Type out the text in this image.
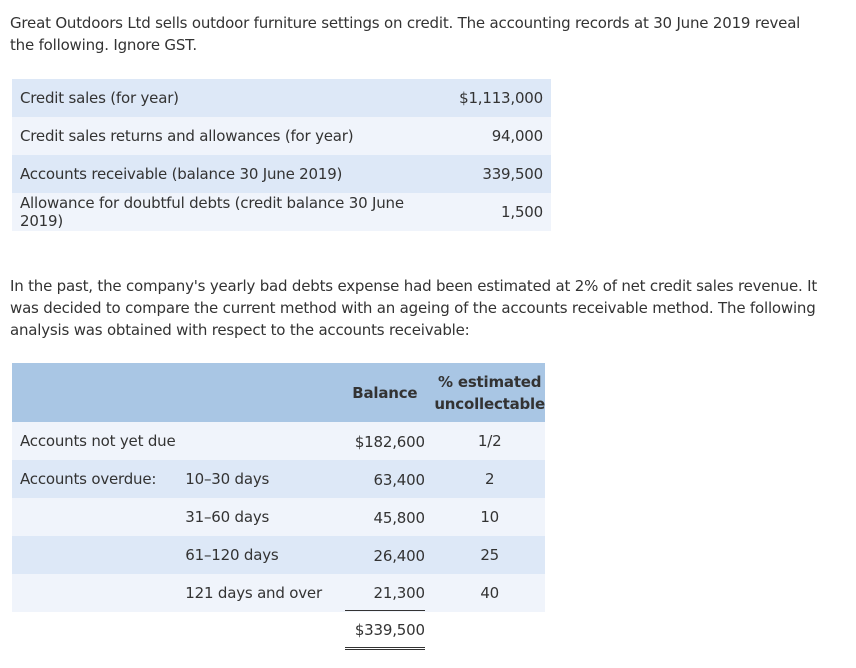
Great Outdoors Ltd sells outdoor furniture settings on credit. The accounting records at 30 June 2019 reveal the following. Ignore GST.

Credit sales (for year)	$1,113,000
Credit sales returns and allowances (for year)	94,000
Accounts receivable (balance 30 June 2019)	339,500
Allowance for doubtful debts (credit balance 30 June 2019)	1,500

In the past, the company's yearly bad debts expense had been estimated at 2% of net credit sales revenue. It was decided to compare the current method with an ageing of the accounts receivable method. The following analysis was obtained with respect to the accounts receivable:

		Balance	% estimated
uncollectable
Accounts not yet due		$182,600	1/2
Accounts overdue:	10–30 days	63,400	2
	31–60 days	45,800	10
	61–120 days	26,400	25
	121 days and over	21,300	40
		$339,500	
